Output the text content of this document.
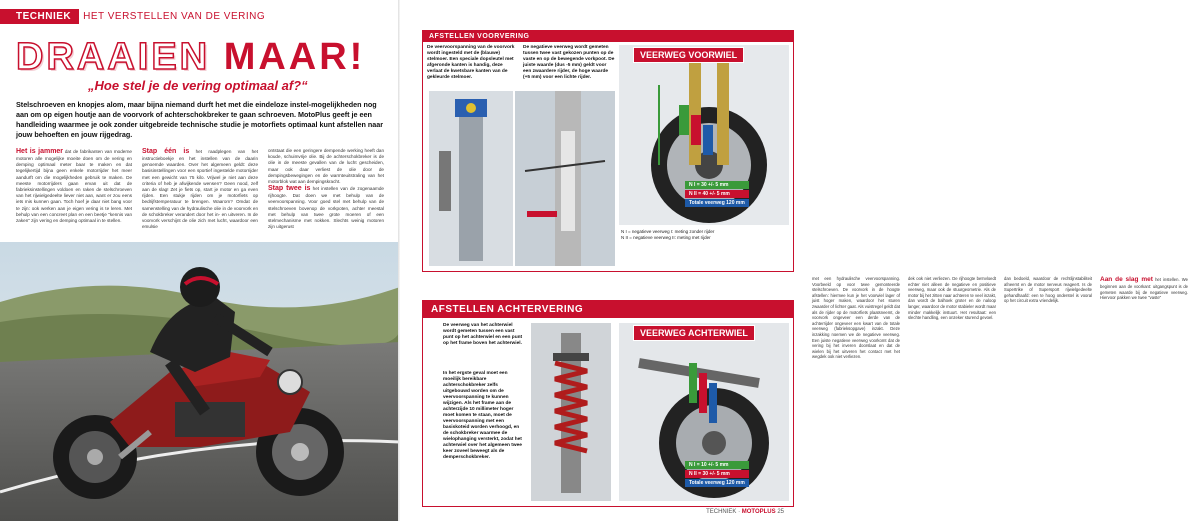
TECHNIEK	HET VERSTELLEN VAN DE VERING
DRAAIEN MAAR!
„Hoe stel je de vering optimaal af?“
Stelschroeven en knopjes alom, maar bijna niemand durft het met die eindeloze instel-mogelijkheden nog aan om op eigen houtje aan de voorvork of achterschokbreker te gaan schroeven. MotoPlus geeft je een handleiding waarmee je ook zonder uitgebreide technische studie je motorfiets optimaal kunt afstellen naar jouw behoeften en jouw rijgedrag.
Het is jammer dat de fabrikanten van moderne motoren alle mogelijke moeite doen om de vering en demping optimaal meter baar te maken en dat tegelijkertijd bijna geen enkele motorrijder het meer aandurft om die mogelijkheden gebruik te maken. De meeste motorrijders gaan ervan uit dat de fabrieksinstellingen voldoen en raken de stelschroeven van het rijwielgedeelte liever niet aan, want er zou eens iets mis kunnen gaan. Toch hoef je daar niet bang voor te zijn: ook werken aan je eigen vering is te leren. Met behulp van een concreet plan en een beetje "kennis van zaken" zijn vering en demping optimaal in te stellen.
Stap één is het raadplegen van het instructieboekje en het instellen van de daarin genoemde waarden. Over het algemeen geldt: deze basisinstellingen voor een sportief ingestelde motorrijder met een gewicht van 75 kilo. Vrijwel je niet aan deze criteria of heb je afwijkende wensen? Geen nood, zelf aan de slag! Zet je fiets op, start je motor en ga even rijden. Een stukje rijden om je motorfiets op bedrijfstemperatuur te brengen. Waarom? Omdat de samenstelling van de hydraulische olie in de voorvork en de schokbreker verandert door het in- en uitveren. In de voorvork verschijnt de olie zich met lucht, waardoor een emulsie
ontstaat die een geringere dempende werking heeft dan koude, schuimvrije olie. Bij de achterschokbreker is de olie in de meeste gevallen van de lucht gescheiden, maar ook daar verliest de olie door de dempingsbewegingen en de warmteuitstraling van het motorblok wat aan dempingskracht.
Stap twee is het instellen van de zogenaamde rijhoogte. Dat doen we met behulp van de veervoorspanning. Voor goed stel met behulp van de stelschroeven bovenop de vorkpoten, achter meestal met behulp van twee grote moeren of een stelmechanisme met nokken. Slechts weinig motoren zijn uitgerust
AFSTELLEN VOORVERING
De veervoorspanning van de voorvork wordt ingesteld met de (blauwe) stelmoer. Een speciale dopsleutel met afgeronde kanten is handig, deze verlaat de kwetsbare kanten van de gekleurde stelmoer.
De negatieve veerweg wordt gemeten tussen twee vast gekozen punten op de vaste en op de bewegende vorkpoot. De juiste waarde (dus -5 mm) geldt voor een zwaardere rijder, de hoge waarde (+5 mm) voor een lichte rijder.
VEERWEG VOORWIEL
N I = 30 +/- 5 mm
N II = 40 +/- 5 mm
Totale veerweg 120 mm
N I = negatieve veerweg I: meting zonder rijder
N II = negatieve veerweg II: meting met rijder
met een hydraulische veervoorspanning. Voorbeeld op voor twee gemonteerde stelschroeven. De voorvork in de hoogte afstellen: hiermee kun je het voorwiel lager of juist hoger maken, waardoor het sturen zwaarder of lichter gaat. Als vuistregel geldt dat als de rijder op de motorfiets plaatsneemt, de voorvork ongeveer een derde van de achterrijder ongeveer een kwart van de totale veerweg (fabrieksopgave) inzakt. Deze inzakking noemen we de negatieve veerweg. Een juiste negatieve veerweg voorkomt dat de vering bij het inveren doorslaat en dat de wielen bij het uitveren het contact met het wegdek ook niet verliezen.
dek ook niet verliezen. De rijhoogte beïnvloedt echter niet alleen de negatieve en positieve veerweg, maar ook de stuurgeometrie. Als de motor bij het zitten naar achteren te veel inzakt, dan wordt de balhoek groter en de naloop langer, waardoor de motor stabieler wordt maar minder makkelijk instuurt. Het resultaat: een slechte handling, een onzeker sturend gevoel.
dan bedoeld, waardoor de rechtlijnstabiliteit afneemt en de motor nerveus reageert. Is de Supertrike of Supersport rijwielgedeelte gehandhaafd: een te hoog onderstel is vooral op het circuit extra vriendelijk.
Aan de slag met het instellen. We beginnen aan de voorkant: uitgangspunt is de gemeten waarde bij de negatieve veerweg. Hiervoor pakken we twee "vaste"
AFSTELLEN ACHTERVERING
De veerweg van het achterwiel wordt gemeten tussen een vast punt op het achterwiel en een punt op het frame boven het achterwiel.
In het ergste geval moet een moeilijk bereikbare achterschokbreker zelfs uitgebouwd worden om de veervoorspanning te kunnen wijzigen. Als het frame aan de achterzijde 10 millimeter hoger moet komen te staan, moet de veervoorspanning met een basiskoteid worden verhoogd, en de schokbreker waarmee de wielophanging versterkt, zodat het achterwiel over het algemeen twee keer zoveel beweegt als de demperschokbreker.
VEERWEG ACHTERWIEL
N I = 10 +/- 5 mm
N II = 30 +/- 5 mm
Totale veerweg 120 mm
TECHNIEK · MOTOPLUS 25
